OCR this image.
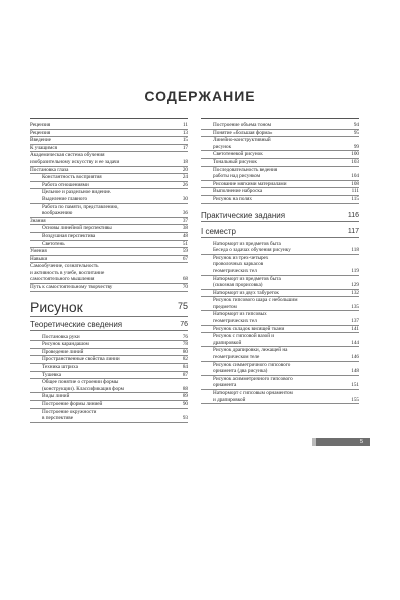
СОДЕРЖАНИЕ
Рецензия	11
Рецензия	13
Введение	15
К учащимся	17
Академическая система обучения
изобразительному искусству и ее задачи	18
Постановка глаза	20
Константность восприятия	24
Работа отношениями	26
Цельное и раздельное видение.
Выделение главного	30
Работа по памяти, представлению,
воображению	36
Знания	37
Основы линейной перспективы	38
Воздушная перспектива	48
Светотень	51
Умения	59
Навыки	67
Самообучение, сознательность
и активность в учебе, воспитание
самостоятельного мышления	68
Путь к самостоятельному творчеству	70
Рисунок	75
Теоретические сведения	76
Постановка руки	76
Рисунок карандашом	78
Проведение линий	80
Пространственные свойства линии	82
Техника штриха	84
Тушевка	87
Общее понятие о строении формы
(конструкции). Классификация форм	88
Виды линий	89
Построение формы линией	90
Построение окружности
в перспективе	93
Построение объема тоном	94
Понятие «большая форма»	95
Линейно-конструктивный
рисунок	99
Светотеневой рисунок	100
Тональный рисунок	103
Последовательность ведения
работы над рисунком	104
Рисование мягкими материалами	108
Выполнение наброска	111
Рисунок на полях	115
Практические задания	116
I семестр	117
Натюрморт из предметов быта
Беседа о задачах обучения рисунку	118
Рисунок из трех-четырех
проволочных каркасов
геометрических тел	119
Натюрморт из предметов быта
(сквозная прорисовка)	129
Натюрморт из двух табуреток	132
Рисунок гипсового шара с небольшим
предметом	135
Натюрморт из гипсовых
геометрических тел	137
Рисунок складок висящей ткани	141
Рисунок с гипсовой вазой и
драпировкой	144
Рисунок драпировки, лежащей на
геометрическом теле	146
Рисунок симметричного гипсового
орнамента (два рисунка)	148
Рисунок асимметричного гипсового
орнамента	151
Натюрморт с гипсовым орнаментом
и драпировкой	155
5
